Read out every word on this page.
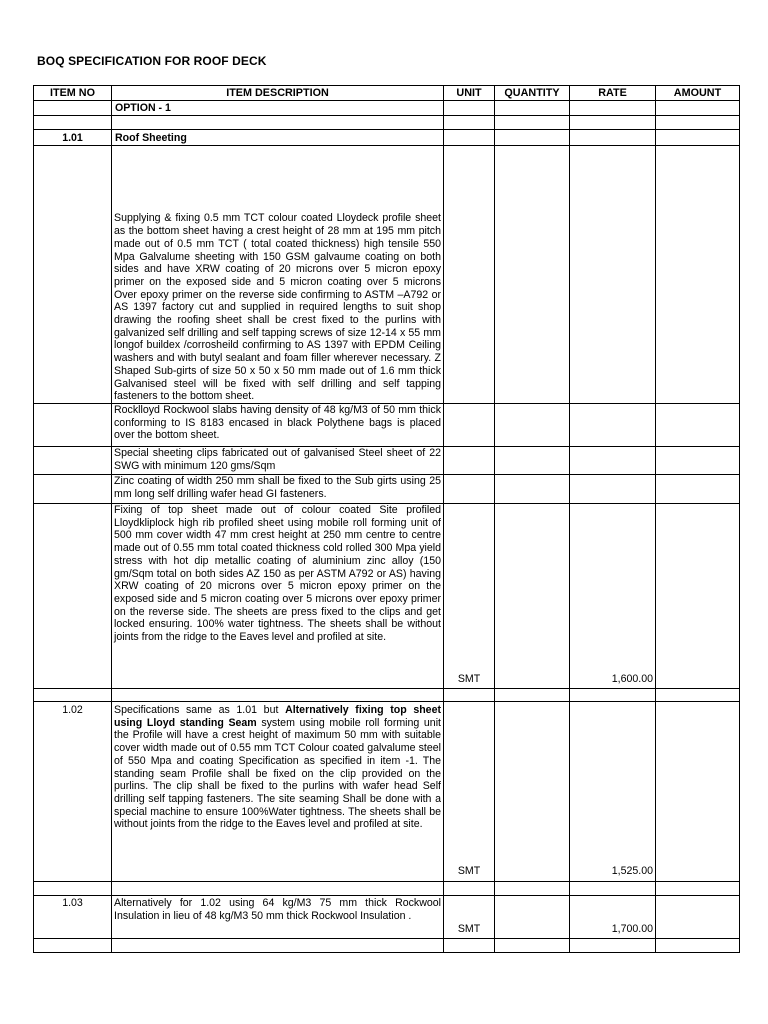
BOQ SPECIFICATION FOR ROOF DECK
ITEM NO	ITEM DESCRIPTION	UNIT	QUANTITY	RATE	AMOUNT
	OPTION - 1				

1.01	Roof Sheeting				
	Supplying & fixing 0.5 mm TCT colour coated Lloydeck profile sheet as the bottom sheet having a crest height of 28 mm at 195 mm pitch made out of 0.5 mm TCT ( total coated thickness) high tensile 550 Mpa Galvalume sheeting with 150 GSM galvaume coating on both sides and have XRW coating of 20 microns over 5 micron epoxy primer on the exposed side and 5 micron coating over 5 microns Over epoxy primer on the reverse side confirming to ASTM –A792 or AS 1397 factory cut and supplied in required lengths to suit shop drawing the roofing sheet shall be crest fixed to the purlins with galvanized self drilling and self tapping screws of size 12-14 x 55 mm longof buildex /corrosheild confirming to AS 1397 with EPDM Ceiling washers and with butyl sealant and foam filler wherever necessary. Z Shaped Sub-girts of size 50 x 50 x 50 mm made out of 1.6 mm thick Galvanised steel will be fixed with self drilling and self tapping fasteners to the bottom sheet.				
	Rocklloyd Rockwool slabs having density of 48 kg/M3 of 50 mm thick conforming to IS 8183 encased in black Polythene bags is placed over the bottom sheet.				
	Special sheeting clips fabricated out of galvanised Steel sheet of 22 SWG with minimum 120 gms/Sqm				
	Zinc coating of width 250 mm shall be fixed to the Sub girts using 25 mm long self drilling wafer head GI fasteners.				
	Fixing of top sheet made out of colour coated Site profiled Lloydkliplock high rib profiled sheet using mobile roll forming unit of 500 mm cover width 47 mm crest height at 250 mm centre to centre made out of 0.55 mm total coated thickness cold rolled 300 Mpa yield stress with hot dip metallic coating of aluminium zinc alloy (150 gm/Sqm total on both sides AZ 150 as per ASTM A792 or AS) having XRW coating of 20 microns over 5 micron epoxy primer on the exposed side and 5 micron coating over 5 microns over epoxy primer on the reverse side. The sheets are press fixed to the clips and get locked ensuring. 100% water tightness. The sheets shall be without joints from the ridge to the Eaves level and profiled at site.	SMT		1,600.00	

1.02	Specifications same as 1.01 but Alternatively fixing top sheet using Lloyd standing Seam system using mobile roll forming unit the Profile will have a crest height of maximum 50 mm with suitable cover width made out of 0.55 mm TCT Colour coated galvalume steel of 550 Mpa and coating Specification as specified in item -1. The standing seam Profile shall be fixed on the clip provided on the purlins. The clip shall be fixed to the purlins with wafer head Self drilling self tapping fasteners. The site seaming Shall be done with a special machine to ensure 100%Water tightness. The sheets shall be without joints from the ridge to the Eaves level and profiled at site.	SMT		1,525.00	

1.03	Alternatively for 1.02 using 64 kg/M3 75 mm thick Rockwool Insulation in lieu of 48 kg/M3 50 mm thick Rockwool Insulation .	SMT		1,700.00	
